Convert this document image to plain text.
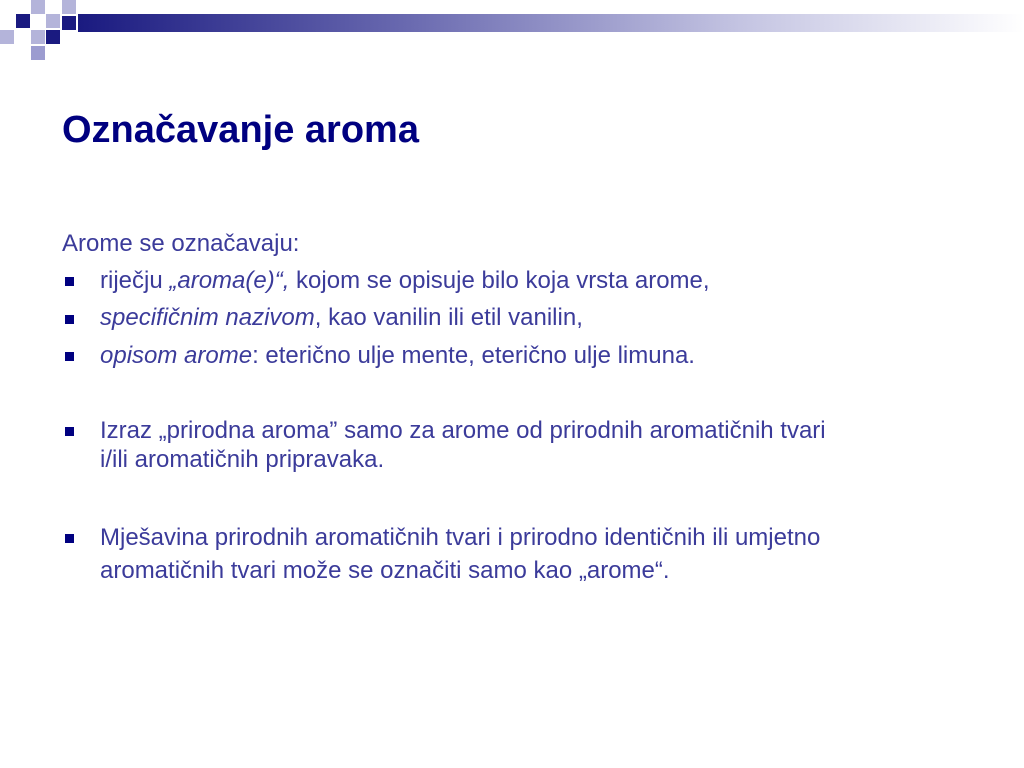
Označavanje aroma
Arome se označavaju:
riječju „aroma(e)“, kojom se opisuje bilo koja vrsta arome,
specifičnim nazivom, kao vanilin ili etil vanilin,
opisom arome: eterično ulje mente, eterično ulje limuna.
Izraz „prirodna aroma” samo za arome od prirodnih aromatičnih tvari
i/ili aromatičnih pripravaka.
Mješavina prirodnih aromatičnih tvari i prirodno identičnih ili umjetno
aromatičnih tvari može se označiti samo kao „arome“.
